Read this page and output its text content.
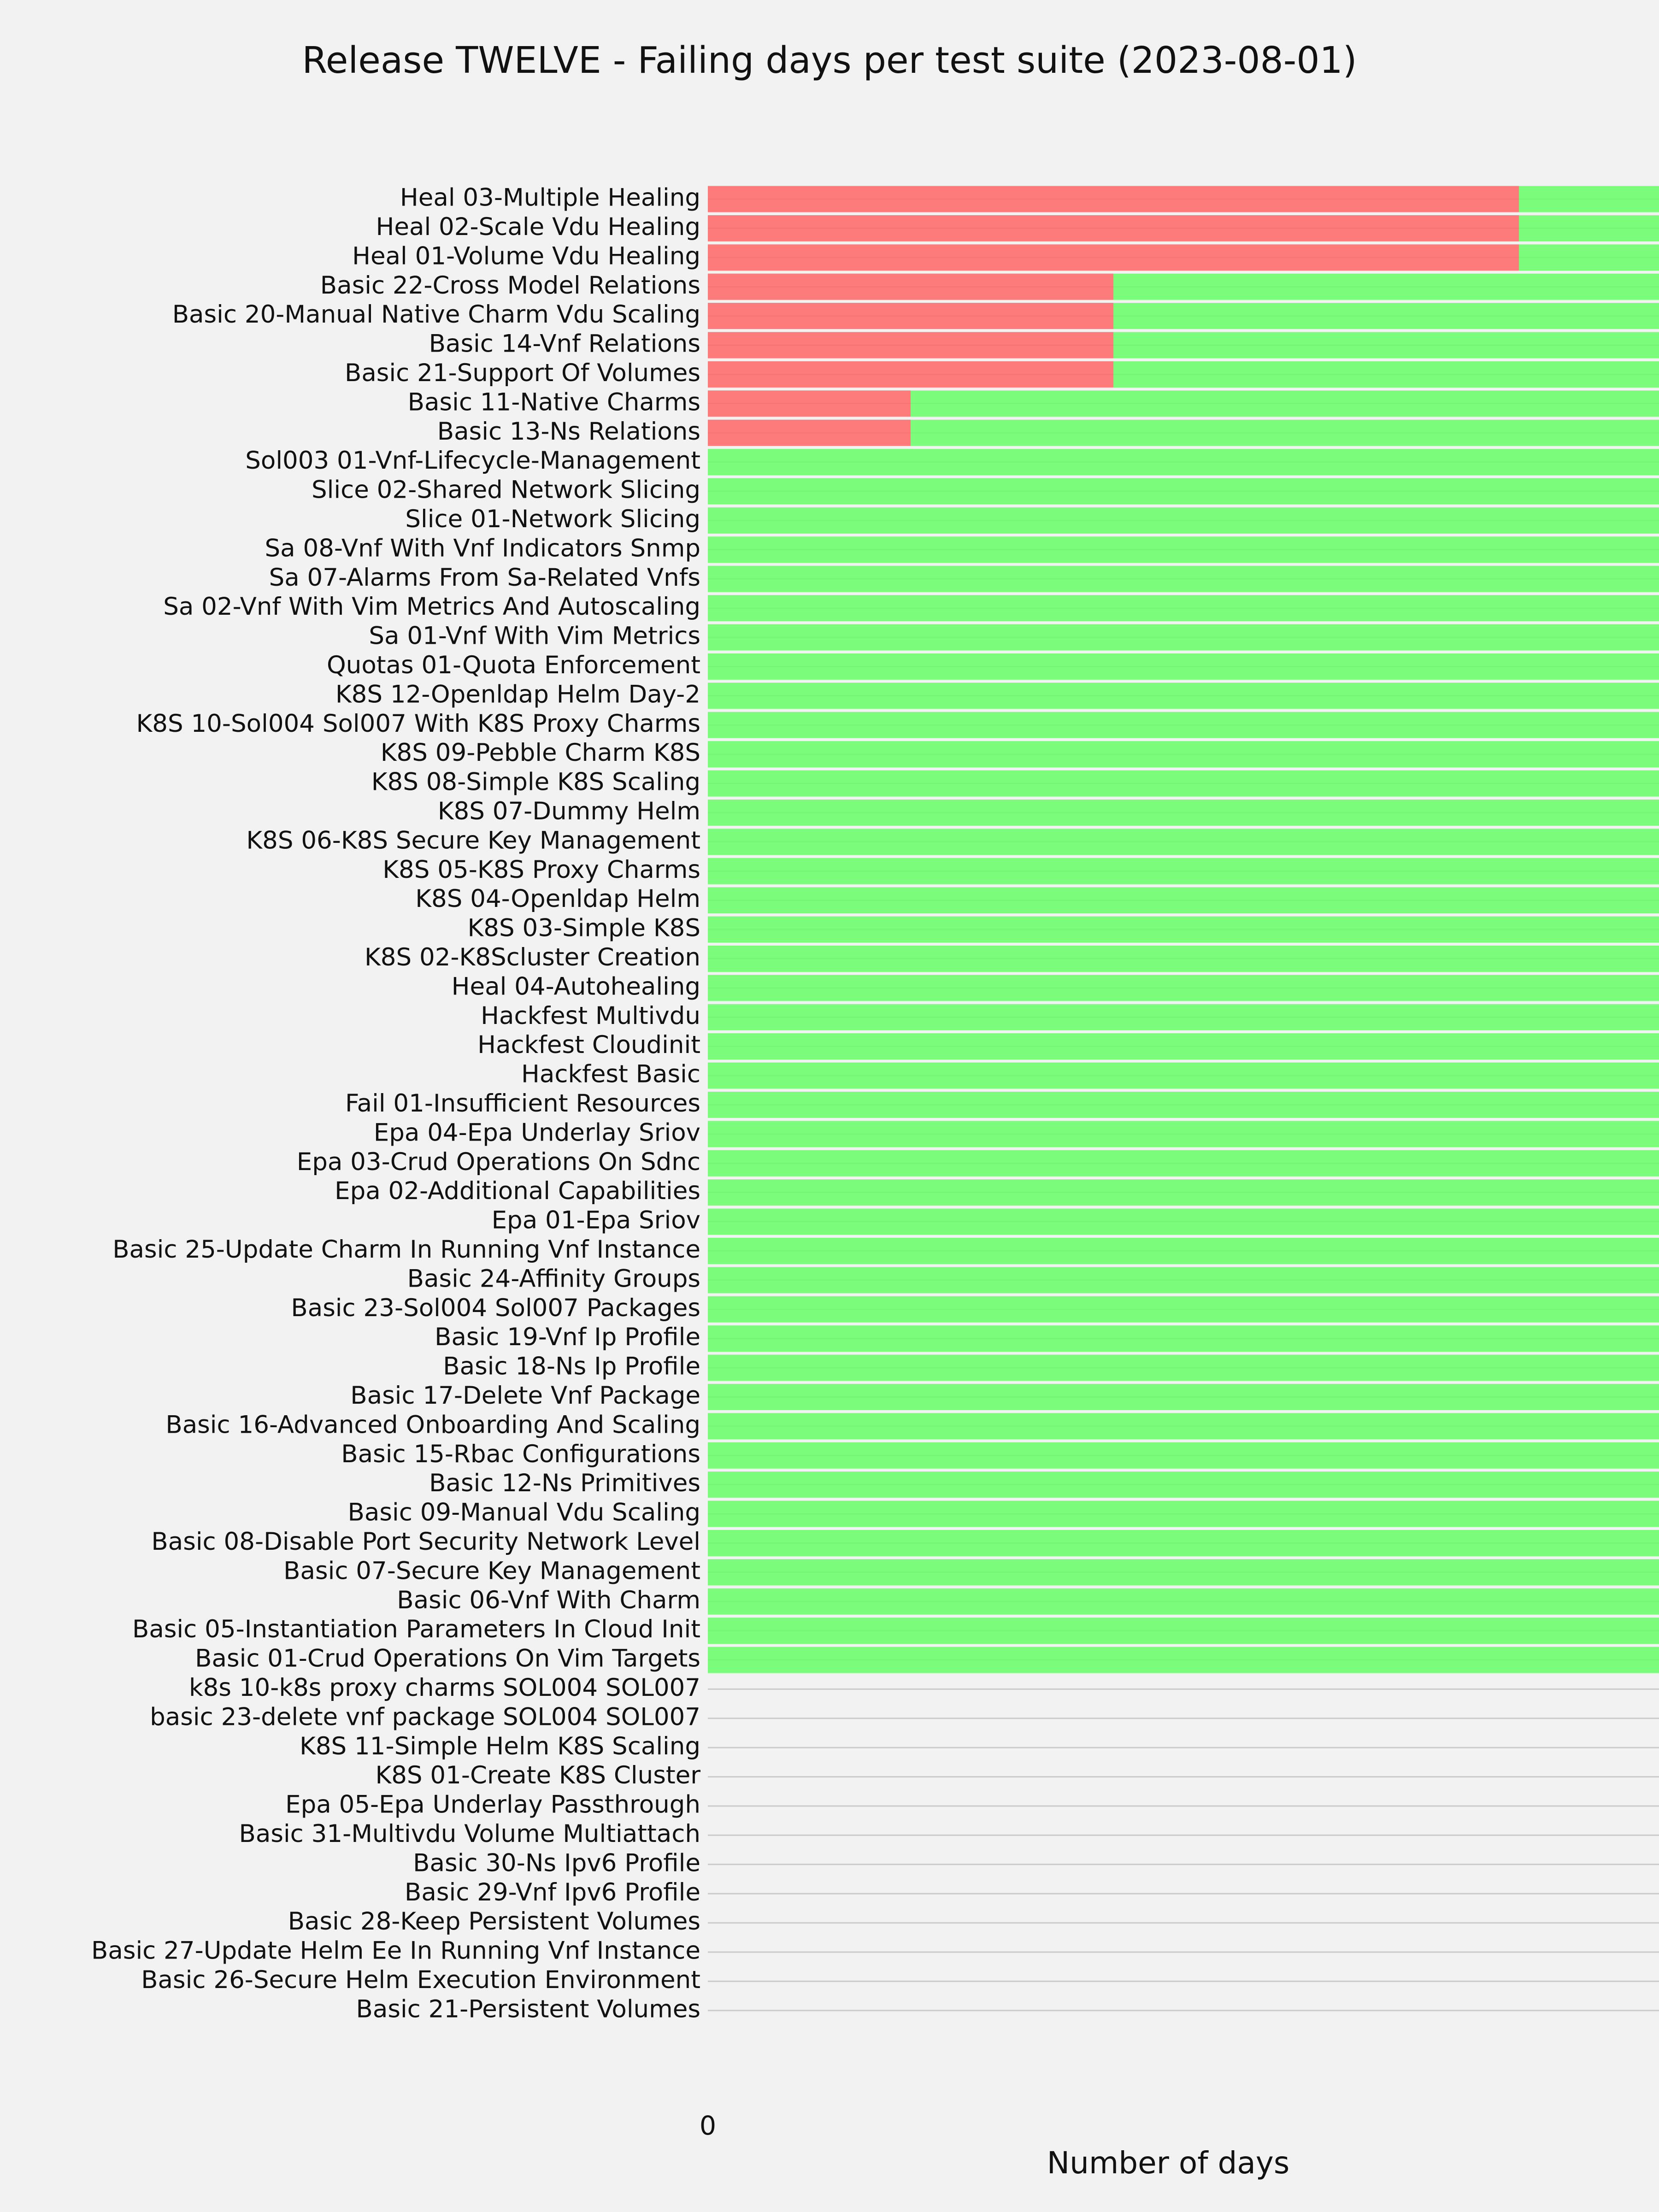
Heal 03-Multiple Healing
Heal 02-Scale Vdu Healing
Heal 01-Volume Vdu Healing
Basic 22-Cross Model Relations
Basic 20-Manual Native Charm Vdu Scaling
Basic 14-Vnf Relations
Basic 21-Support Of Volumes
Basic 11-Native Charms
Basic 13-Ns Relations
Sol003 01-Vnf-Lifecycle-Management
Slice 02-Shared Network Slicing
Slice 01-Network Slicing
Sa 08-Vnf With Vnf Indicators Snmp
Sa 07-Alarms From Sa-Related Vnfs
Sa 02-Vnf With Vim Metrics And Autoscaling
Sa 01-Vnf With Vim Metrics
Quotas 01-Quota Enforcement
K8S 12-Openldap Helm Day-2
K8S 10-Sol004 Sol007 With K8S Proxy Charms
K8S 09-Pebble Charm K8S
K8S 08-Simple K8S Scaling
K8S 07-Dummy Helm
K8S 06-K8S Secure Key Management
K8S 05-K8S Proxy Charms
K8S 04-Openldap Helm
K8S 03-Simple K8S
K8S 02-K8Scluster Creation
Heal 04-Autohealing
Hackfest Multivdu
Hackfest Cloudinit
Hackfest Basic
Fail 01-Insufficient Resources
Epa 04-Epa Underlay Sriov
Epa 03-Crud Operations On Sdnc
Epa 02-Additional Capabilities
Epa 01-Epa Sriov
Basic 25-Update Charm In Running Vnf Instance
Basic 24-Affinity Groups
Basic 23-Sol004 Sol007 Packages
Basic 19-Vnf Ip Profile
Basic 18-Ns Ip Profile
Basic 17-Delete Vnf Package
Basic 16-Advanced Onboarding And Scaling
Basic 15-Rbac Configurations
Basic 12-Ns Primitives
Basic 09-Manual Vdu Scaling
Basic 08-Disable Port Security Network Level
Basic 07-Secure Key Management
Basic 06-Vnf With Charm
Basic 05-Instantiation Parameters In Cloud Init
Basic 01-Crud Operations On Vim Targets
k8s 10-k8s proxy charms SOL004 SOL007
basic 23-delete vnf package SOL004 SOL007
K8S 11-Simple Helm K8S Scaling
K8S 01-Create K8S Cluster
Epa 05-Epa Underlay Passthrough
Basic 31-Multivdu Volume Multiattach
Basic 30-Ns Ipv6 Profile
Basic 29-Vnf Ipv6 Profile
Basic 28-Keep Persistent Volumes
Basic 27-Update Helm Ee In Running Vnf Instance
Basic 26-Secure Helm Execution Environment
Basic 21-Persistent Volumes
0
Release TWELVE - Failing days per test suite (2023-08-01)
Number of days
